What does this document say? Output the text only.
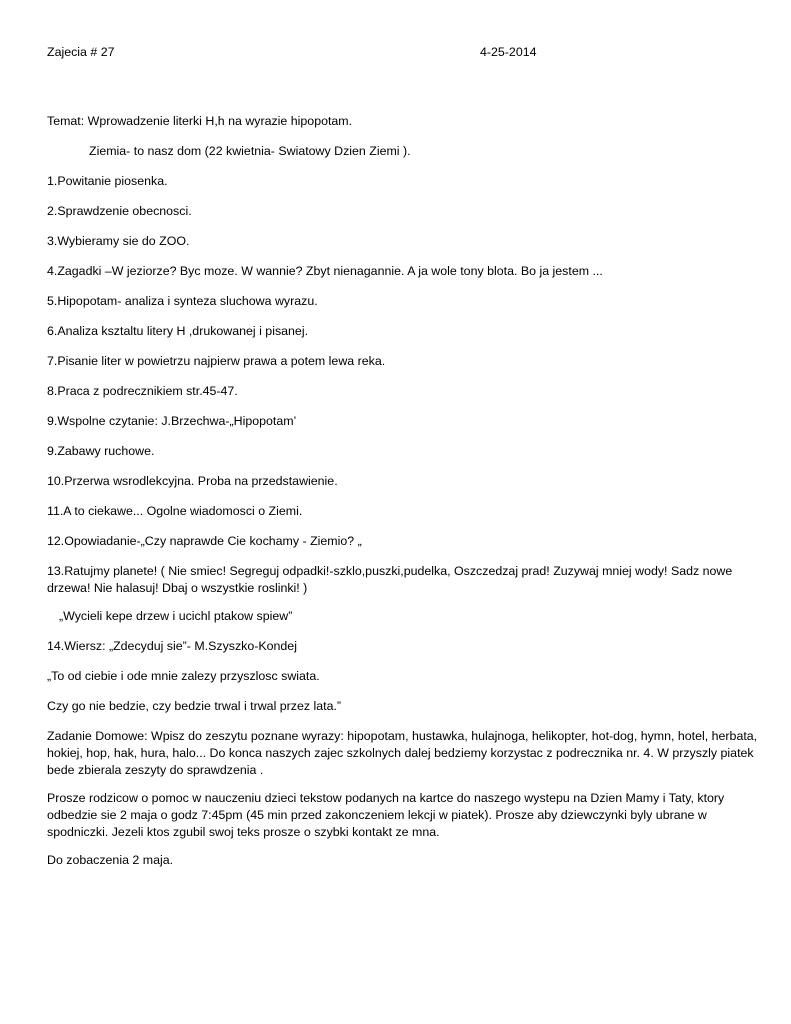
Zajecia # 27	4-25-2014
Temat: Wprowadzenie literki H,h na wyrazie hipopotam.
Ziemia- to nasz dom (22 kwietnia- Swiatowy Dzien Ziemi ).

1.Powitanie piosenka.

2.Sprawdzenie obecnosci.

3.Wybieramy sie do ZOO.

4.Zagadki –W jeziorze? Byc moze. W wannie? Zbyt nienagannie. A ja wole tony blota. Bo ja jestem ...

5.Hipopotam- analiza i synteza sluchowa wyrazu.

6.Analiza ksztaltu litery H ,drukowanej i pisanej.

7.Pisanie liter w powietrzu najpierw prawa a potem lewa reka.

8.Praca z podrecznikiem str.45-47.

9.Wspolne czytanie: J.Brzechwa-„Hipopotam’

9.Zabawy ruchowe.

10.Przerwa wsrodlekcyjna. Proba na przedstawienie.

11.A to ciekawe... Ogolne wiadomosci o Ziemi.

12.Opowiadanie-„Czy naprawde Cie kochamy - Ziemio? „

13.Ratujmy planete! ( Nie smiec! Segreguj odpadki!-szklo,puszki,pudelka, Oszczedzaj prad! Zuzywaj mniej wody! Sadz nowe drzewa! Nie halasuj! Dbaj o wszystkie roslinki! )

„Wycieli kepe drzew i ucichl ptakow spiew”

14.Wiersz: „Zdecyduj sie”- M.Szyszko-Kondej

„To od ciebie i ode mnie zalezy przyszlosc swiata.

Czy go nie bedzie, czy bedzie trwal i trwal przez lata.”

Zadanie Domowe: Wpisz do zeszytu poznane wyrazy: hipopotam, hustawka, hulajnoga, helikopter, hot-dog, hymn, hotel, herbata, hokiej, hop, hak, hura, halo... Do konca naszych zajec szkolnych dalej bedziemy korzystac z podrecznika nr. 4. W przyszly piatek bede zbierala zeszyty do sprawdzenia .

Prosze rodzicow o pomoc w nauczeniu dzieci tekstow podanych na kartce do naszego wystepu na Dzien Mamy i Taty, ktory odbedzie sie 2 maja o godz 7:45pm (45 min przed zakonczeniem lekcji w piatek). Prosze aby dziewczynki byly ubrane w spodniczki. Jezeli ktos zgubil swoj teks prosze o szybki kontakt ze mna.

Do zobaczenia 2 maja.
